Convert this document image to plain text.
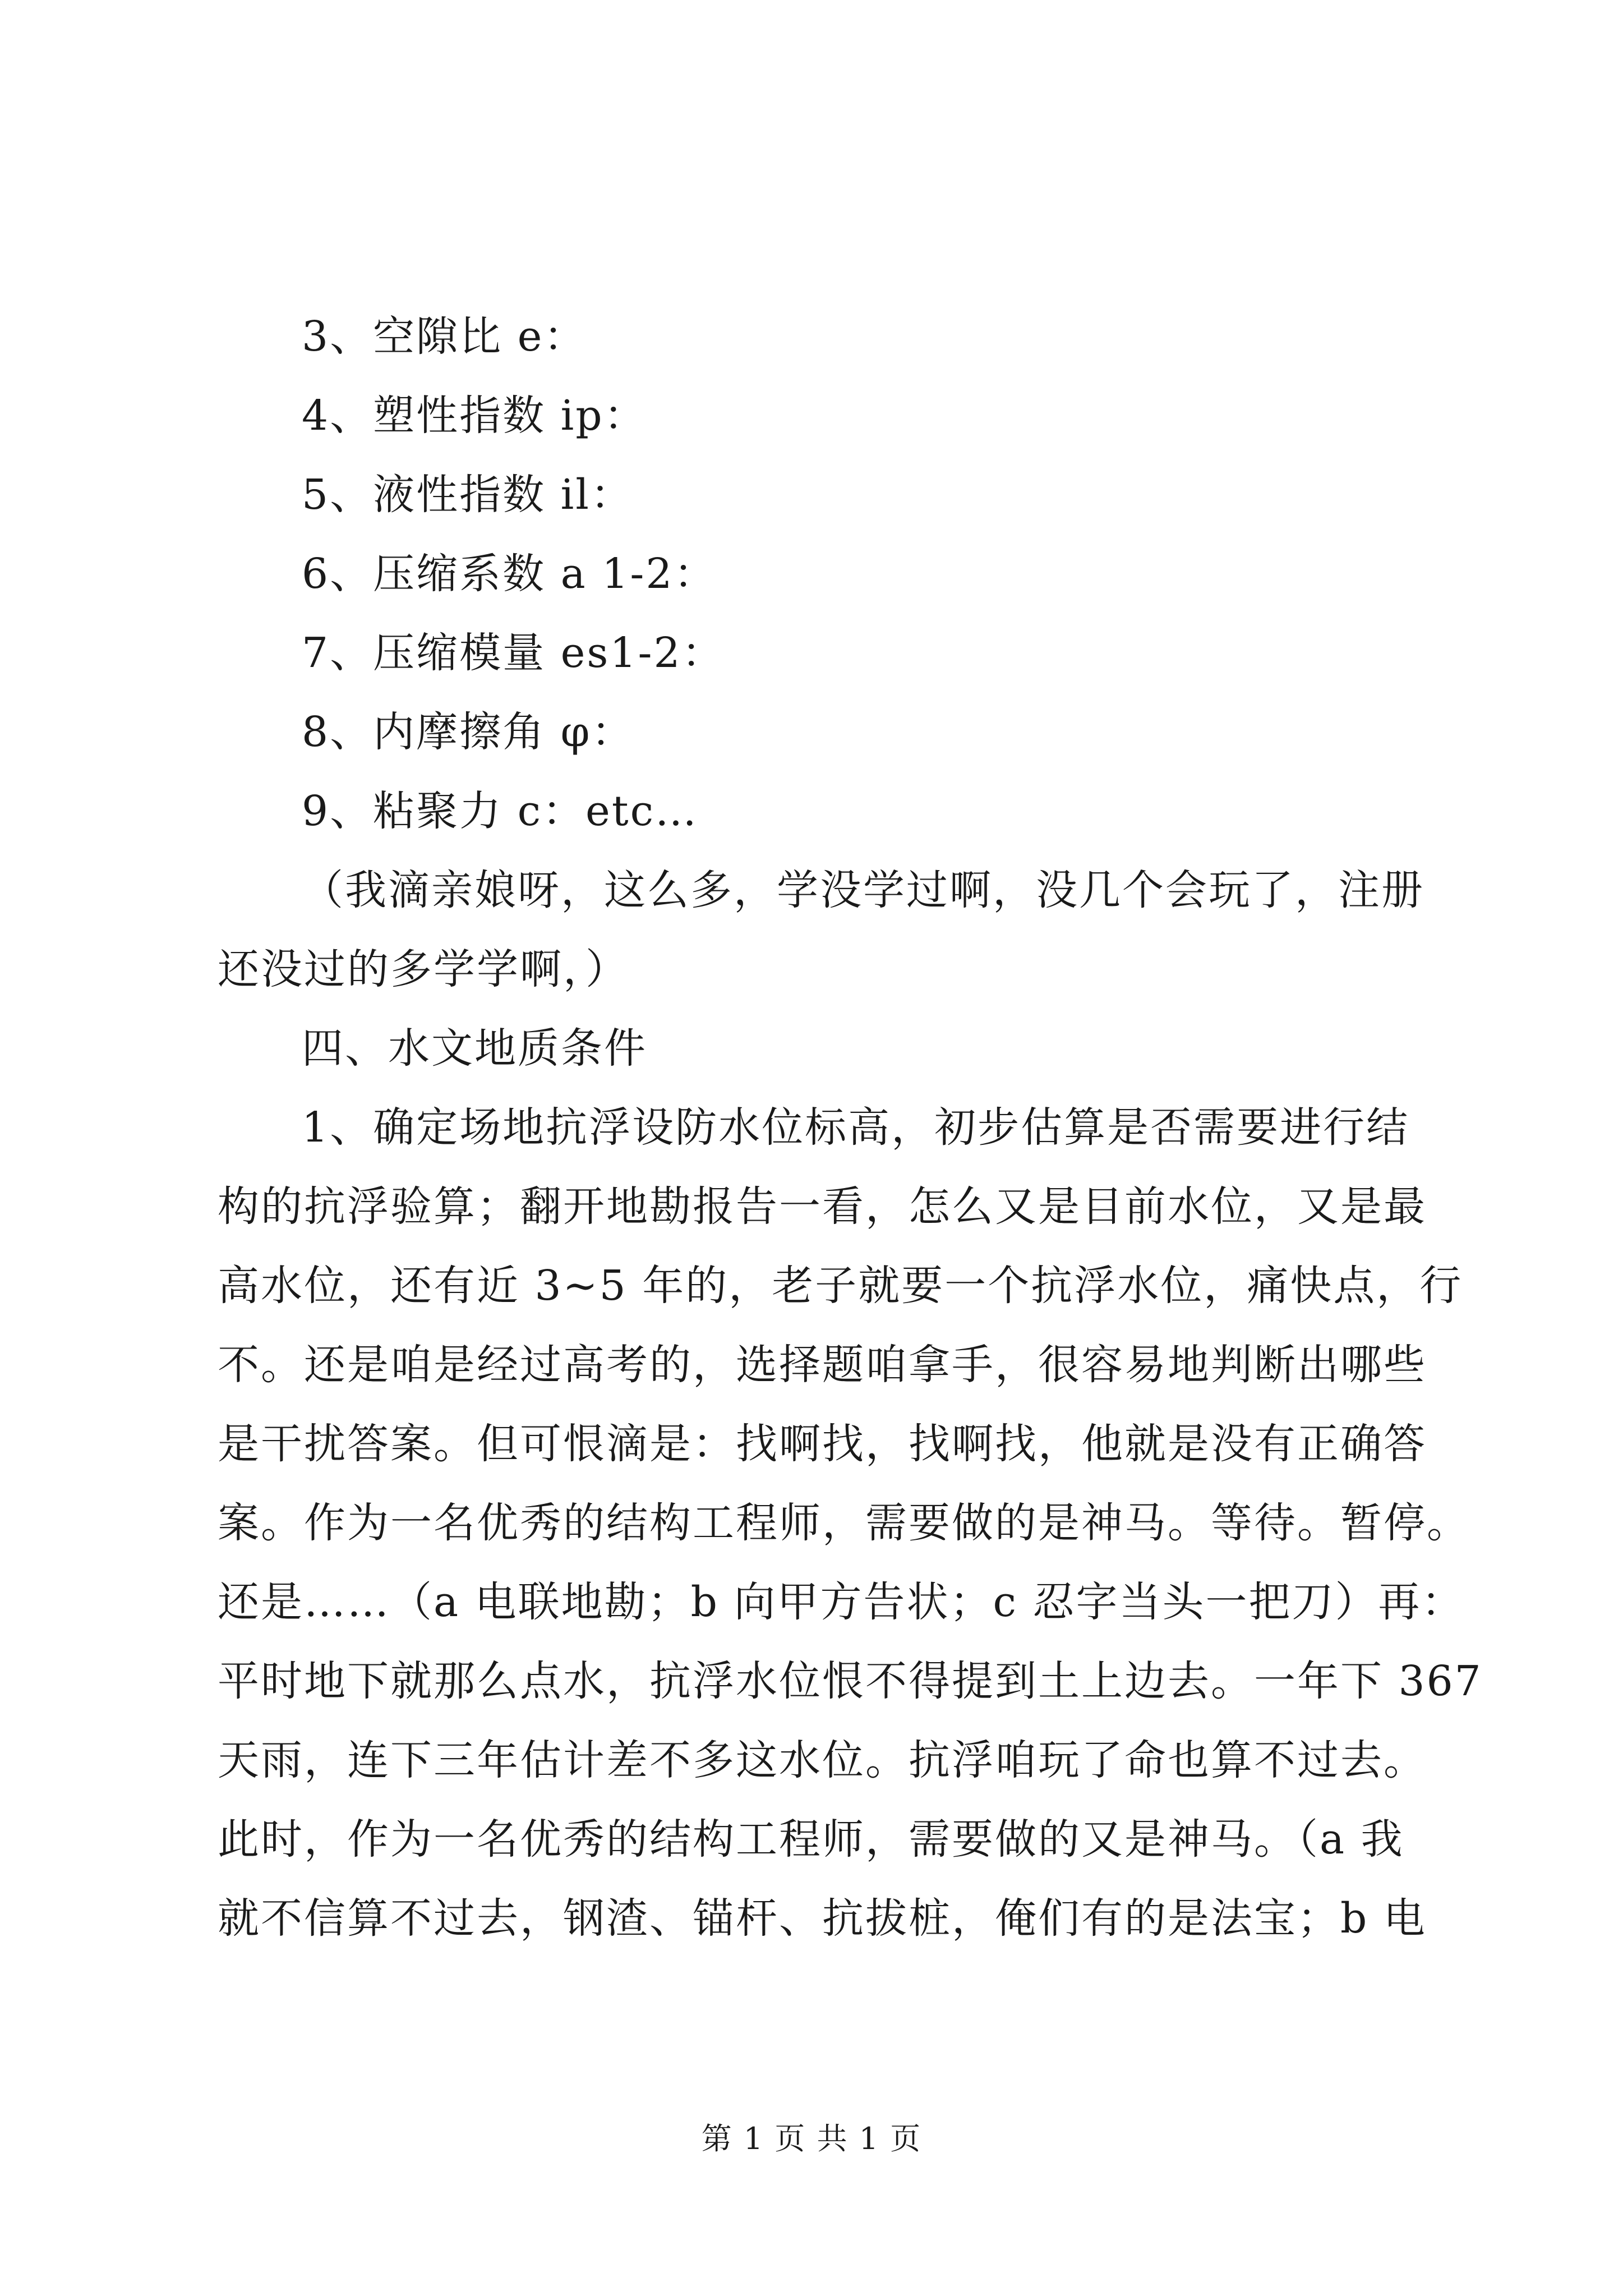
3、空隙比 e：
4、塑性指数 ip：
5、液性指数 il：
6、压缩系数 a 1-2：
7、压缩模量 es1-2：
8、内摩擦角 φ：
9、粘聚力 c：etc…
（我滴亲娘呀，这么多，学没学过啊，没几个会玩了，注册
还没过的多学学啊，）
四、水文地质条件
1、确定场地抗浮设防水位标高，初步估算是否需要进行结
构的抗浮验算；翻开地勘报告一看，怎么又是目前水位，又是最
高水位，还有近 3~5 年的，老子就要一个抗浮水位，痛快点，行
不。还是咱是经过高考的，选择题咱拿手，很容易地判断出哪些
是干扰答案。但可恨滴是：找啊找，找啊找，他就是没有正确答
案。作为一名优秀的结构工程师，需要做的是神马。等待。暂停。
还是……（a 电联地勘；b 向甲方告状；c 忍字当头一把刀）再：
平时地下就那么点水，抗浮水位恨不得提到土上边去。一年下 367
天雨，连下三年估计差不多这水位。抗浮咱玩了命也算不过去。
此时，作为一名优秀的结构工程师，需要做的又是神马。（a 我
就不信算不过去，钢渣、锚杆、抗拔桩，俺们有的是法宝；b 电
第 1 页 共 1 页
